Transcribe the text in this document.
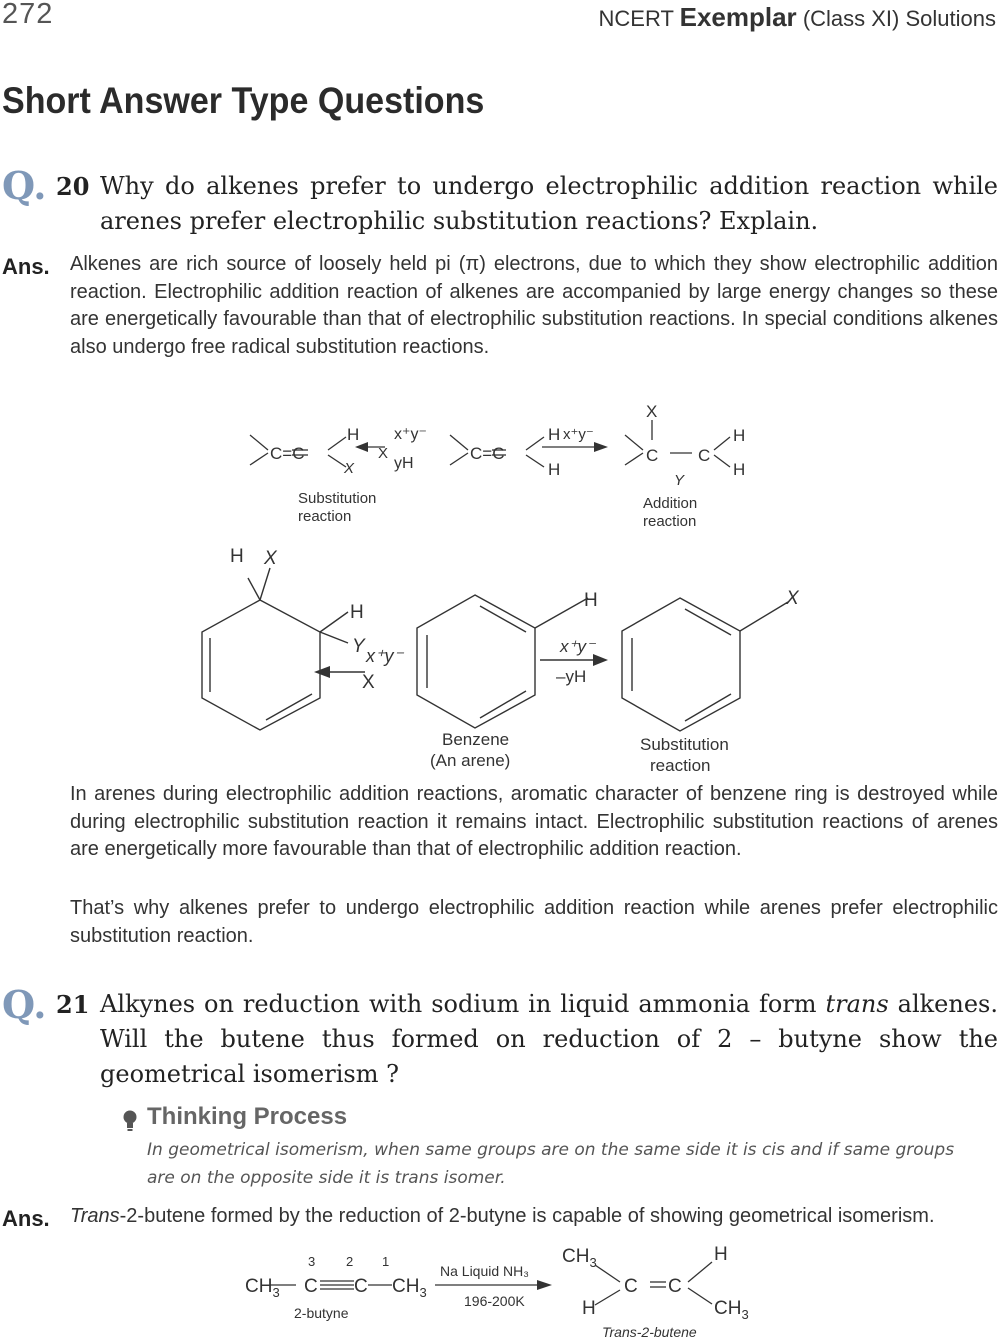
272	NCERT Exemplar (Class XI) Solutions
Short Answer Type Questions
Q. 20 Why do alkenes prefer to undergo electrophilic addition reaction while arenes prefer electrophilic substitution reactions? Explain.
Ans. Alkenes are rich source of loosely held pi (π) electrons, due to which they show electrophilic addition reaction. Electrophilic addition reaction of alkenes are accompanied by large energy changes so these are energetically favourable than that of electrophilic substitution reactions. In special conditions alkenes also undergo free radical substitution reactions.
C=C
H
X
X
x⁺y⁻
yH
C=C
H
H
x⁺y⁻
X
C C
Y
H
H
Substitution
reaction
Addition
reaction
H X
H
Y x⁺y⁻
X
H
x⁺y⁻
–yH
X
Benzene
(An arene)
Substitution
reaction
In arenes during electrophilic addition reactions, aromatic character of benzene ring is destroyed while during electrophilic substitution reaction it remains intact. Electrophilic substitution reactions of arenes are energetically more favourable than that of electrophilic addition reaction.
That’s why alkenes prefer to undergo electrophilic addition reaction while arenes prefer electrophilic substitution reaction.
Q. 21 Alkynes on reduction with sodium in liquid ammonia form trans alkenes. Will the butene thus formed on reduction of 2 – butyne show the geometrical isomerism ?
Thinking Process
In geometrical isomerism, when same groups are on the same side it is cis and if same groups are on the opposite side it is trans isomer.
Ans. Trans-2-butene formed by the reduction of 2-butyne is capable of showing geometrical isomerism.
3 2 1
$CH_3$ C C $CH_3$
Na Liquid NH₃
196-200K
2-butyne
$CH_3$
H
C C
H
$CH_3$
Trans-2-butene
